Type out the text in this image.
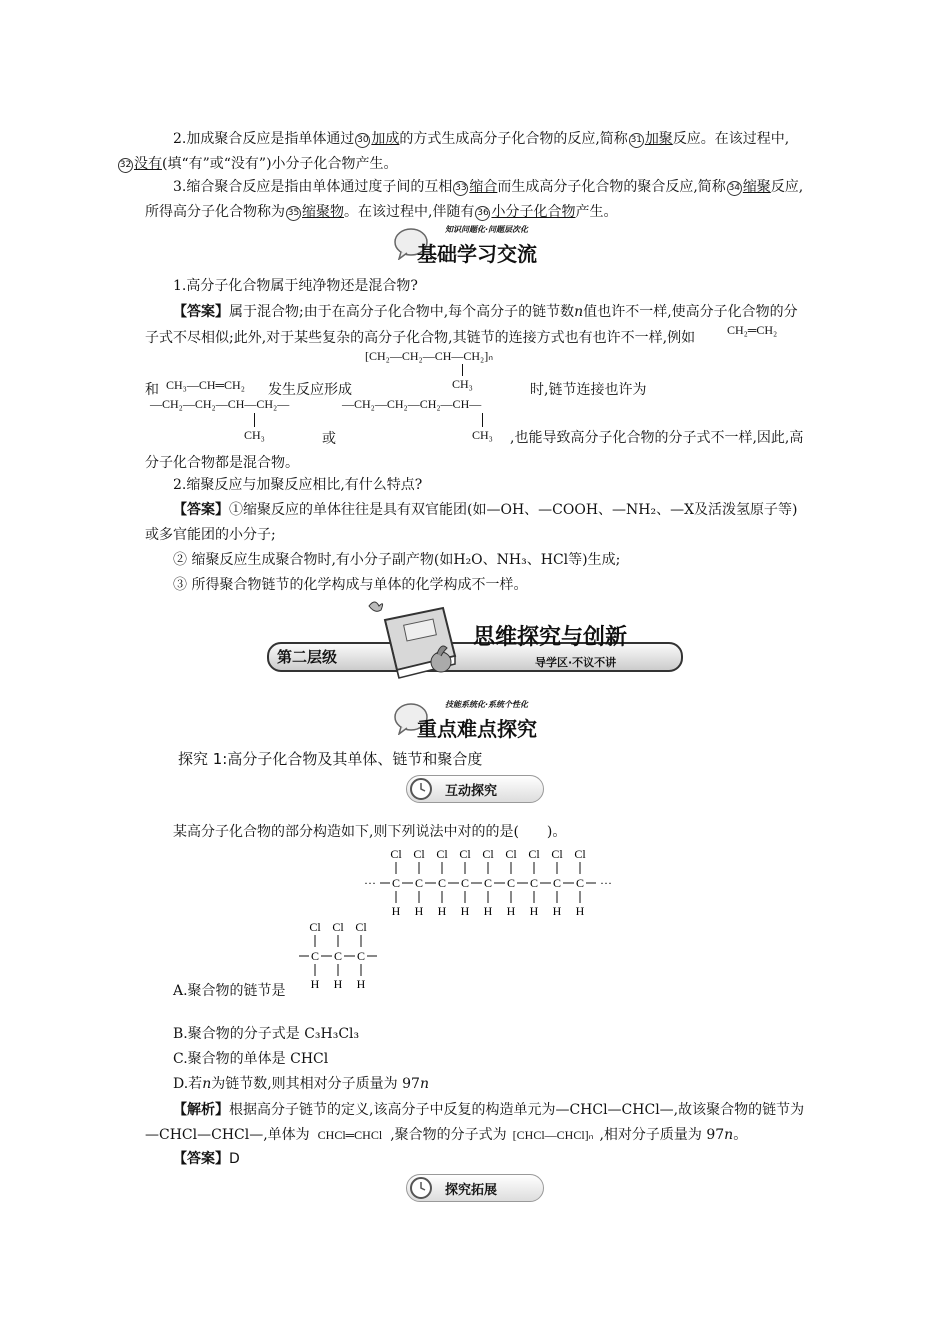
2.加成聚合反应是指单体通过 30 加成的方式生成高分子化合物的反应,简称 31 加聚反应。在该过程中,
32 没有(填“有”或“没有”)小分子化合物产生。
3.缩合聚合反应是指由单体通过度子间的互相 33 缩合而生成高分子化合物的聚合反应,简称 34 缩聚反应,所得高分子化合物称为 35 缩聚物。在该过程中,伴随有 36 小分子化合物产生。
知识问题化·问题层次化
基础学习交流
1.高分子化合物属于纯净物还是混合物?
【答案】属于混合物;由于在高分子化合物中,每个高分子的链节数n值也许不一样,使高分子化合物的分子式不尽相似;此外,对于某些复杂的高分子化合物,其链节的连接方式也有也许不一样,例如	CH₂═CH₂
[CH₂—CH₂—CH—CH₂]ₙ
CH₃
和 CH₃—CH═CH₂ 发生反应形成	时,链节连接也许为
—CH₂—CH₂—CH—CH₂—
CH₃	或
—CH₂—CH₂—CH₂—CH—
CH₃	,也能导致高分子化合物的分子式不一样,因此,高分子化合物都是混合物。
2.缩聚反应与加聚反应相比,有什么特点?
【答案】①缩聚反应的单体往往是具有双官能团(如—OH、—COOH、—NH₂、—X及活泼氢原子等)或多官能团的小分子;
② 缩聚反应生成聚合物时,有小分子副产物(如H₂O、NH₃、HCl等)生成;
③ 所得聚合物链节的化学构成与单体的化学构成不一样。
第二层级
思维探究与创新
导学区·不议不讲
技能系统化·系统个性化
重点难点探究
探究 1:高分子化合物及其单体、链节和聚合度
互动探究
某高分子化合物的部分构造如下,则下列说法中对的的是(　　)。
Cl
C
H
Cl
C
H
Cl
C
H
Cl
C
H
Cl
C
H
Cl
C
H
Cl
C
H
Cl
C
H
Cl
C
H
···	···
Cl
C
H
Cl
C
H
Cl
C
H
A.聚合物的链节是
B.聚合物的分子式是 C₃H₃Cl₃
C.聚合物的单体是 CHCl
D.若n为链节数,则其相对分子质量为 97n
【解析】根据高分子链节的定义,该高分子中反复的构造单元为—CHCl—CHCl—,故该聚合物的链节为—CHCl—CHCl—,单体为 CHCl═CHCl ,聚合物的分子式为 [CHCl—CHCl]ₙ ,相对分子质量为 97n。
【答案】D
探究拓展
